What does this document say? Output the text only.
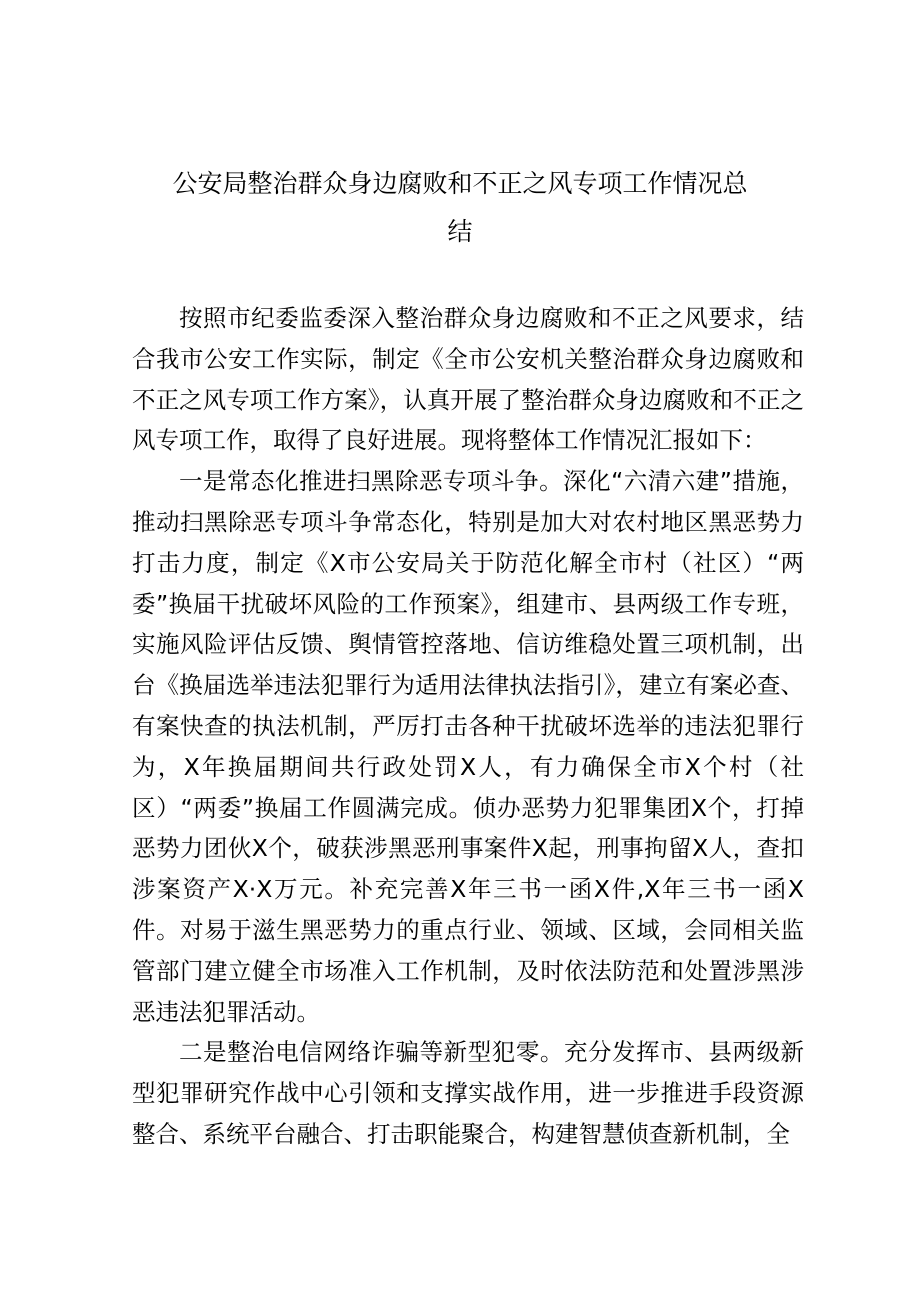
公安局整治群众身边腐败和不正之风专项工作情况总
结

按照市纪委监委深入整治群众身边腐败和不正之风要求，结合我市公安工作实际，制定《全市公安机关整治群众身边腐败和不正之风专项工作方案》，认真开展了整治群众身边腐败和不正之风专项工作，取得了良好进展。现将整体工作情况汇报如下：

一是常态化推进扫黑除恶专项斗争。深化“六清六建”措施，推动扫黑除恶专项斗争常态化，特别是加大对农村地区黑恶势力打击力度，制定《X市公安局关于防范化解全市村（社区）“两委”换届干扰破坏风险的工作预案》，组建市、县两级工作专班，实施风险评估反馈、舆情管控落地、信访维稳处置三项机制，出台《换届选举违法犯罪行为适用法律执法指引》，建立有案必查、有案快查的执法机制，严厉打击各种干扰破坏选举的违法犯罪行为，X年换届期间共行政处罚X人，有力确保全市X个村（社区）“两委”换届工作圆满完成。侦办恶势力犯罪集团X个，打掉恶势力团伙X个，破获涉黑恶刑事案件X起，刑事拘留X人，查扣涉案资产X·X万元。补充完善X年三书一函X件,X年三书一函X件。对易于滋生黑恶势力的重点行业、领域、区域，会同相关监管部门建立健全市场准入工作机制，及时依法防范和处置涉黑涉恶违法犯罪活动。

二是整治电信网络诈骗等新型犯零。充分发挥市、县两级新型犯罪研究作战中心引领和支撑实战作用，进一步推进手段资源整合、系统平台融合、打击职能聚合，构建智慧侦查新机制，全
